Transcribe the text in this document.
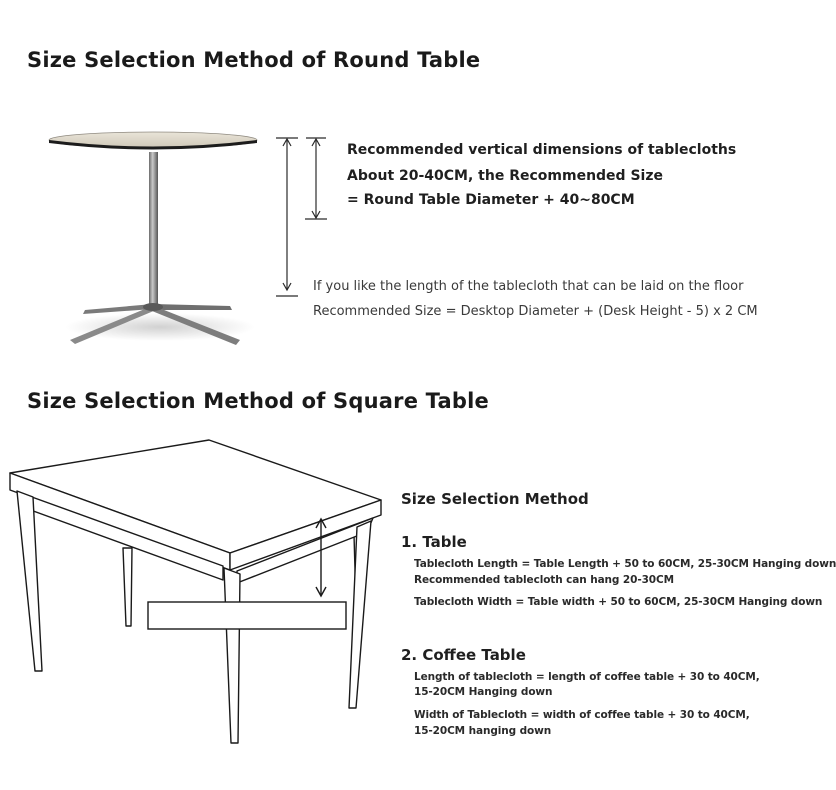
Size Selection Method of Round Table
Recommended vertical dimensions of tablecloths
About 20-40CM, the Recommended Size
= Round Table Diameter + 40~80CM
If you like the length of the tablecloth that can be laid on the floor
Recommended Size = Desktop Diameter + (Desk Height - 5) x 2 CM
Size Selection Method of Square Table
Size Selection Method
1. Table
Tablecloth Length = Table Length + 50 to 60CM, 25-30CM Hanging down
Recommended tablecloth can hang 20-30CM
Tablecloth Width = Table width + 50 to 60CM, 25-30CM Hanging down
2. Coffee Table
Length of tablecloth = length of coffee table + 30 to 40CM,
15-20CM Hanging down
Width of Tablecloth = width of coffee table + 30 to 40CM,
15-20CM hanging down
